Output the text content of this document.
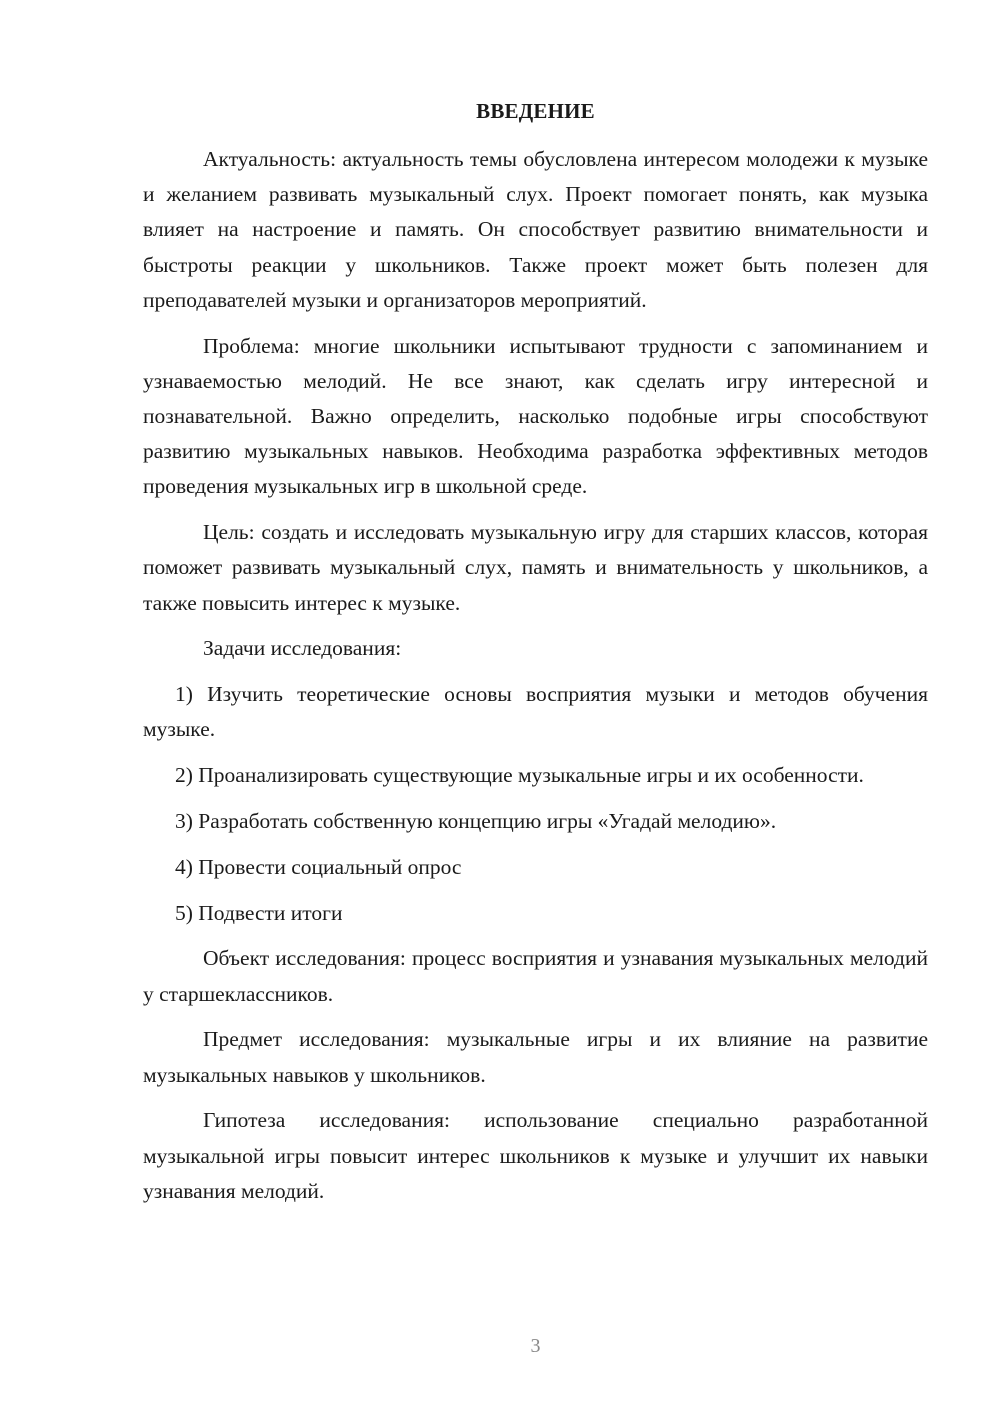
ВВЕДЕНИЕ

Актуальность: актуальность темы обусловлена интересом молодежи к музыке и желанием развивать музыкальный слух. Проект помогает понять, как музыка влияет на настроение и память. Он способствует развитию внимательности и быстроты реакции у школьников. Также проект может быть полезен для преподавателей музыки и организаторов мероприятий.

Проблема: многие школьники испытывают трудности с запоминанием и узнаваемостью мелодий. Не все знают, как сделать игру интересной и познавательной. Важно определить, насколько подобные игры способствуют развитию музыкальных навыков. Необходима разработка эффективных методов проведения музыкальных игр в школьной среде.

Цель: создать и исследовать музыкальную игру для старших классов, которая поможет развивать музыкальный слух, память и внимательность у школьников, а также повысить интерес к музыке.

Задачи исследования:

1) Изучить теоретические основы восприятия музыки и методов обучения музыке.

2) Проанализировать существующие музыкальные игры и их особенности.

3) Разработать собственную концепцию игры «Угадай мелодию».

4) Провести социальный опрос

5) Подвести итоги

Объект исследования: процесс восприятия и узнавания музыкальных мелодий у старшеклассников.

Предмет исследования: музыкальные игры и их влияние на развитие музыкальных навыков у школьников.

Гипотеза исследования: использование специально разработанной музыкальной игры повысит интерес школьников к музыке и улучшит их навыки узнавания мелодий.

3
